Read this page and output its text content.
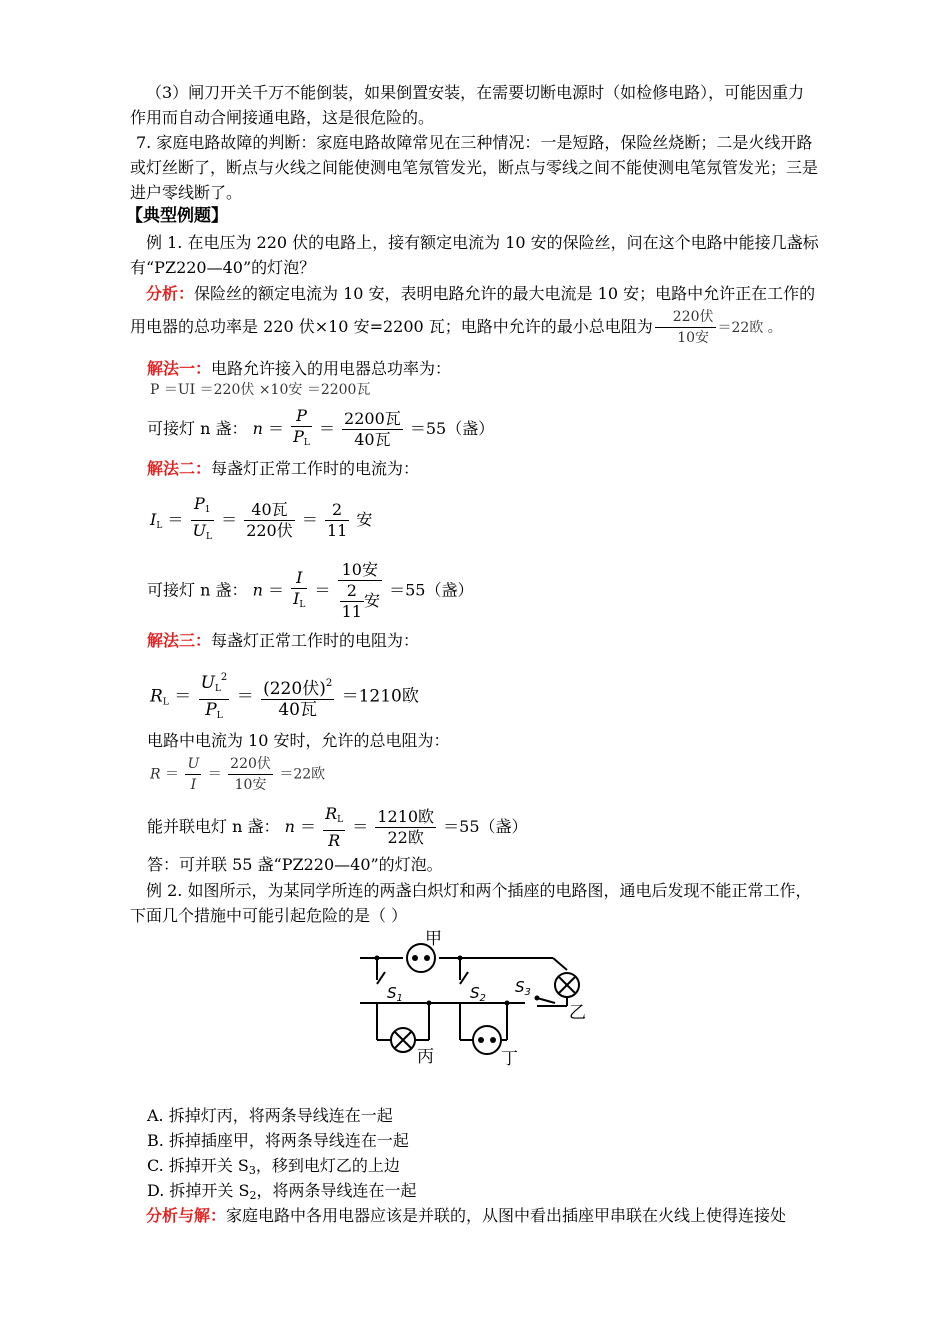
（3）闸刀开关千万不能倒装，如果倒置安装，在需要切断电源时（如检修电路），可能因重力作用而自动合闸接通电路，这是很危险的。

7. 家庭电路故障的判断：家庭电路故障常见在三种情况：一是短路，保险丝烧断；二是火线开路或灯丝断了，断点与火线之间能使测电笔氖管发光，断点与零线之间不能使测电笔氖管发光；三是进户零线断了。

【典型例题】

例 1. 在电压为 220 伏的电路上，接有额定电流为 10 安的保险丝，问在这个电路中能接几盏标有“PZ220—40”的灯泡？

分析：保险丝的额定电流为 10 安，表明电路允许的最大电流是 10 安；电路中允许正在工作的用电器的总功率是 220 伏×10 安=2200 瓦；电路中允许的最小总电阻为 $\frac{\text{220伏}}{\text{10安}} =22$欧 。
解法一：电路允许接入的用电器总功率为：
P ＝UI ＝220伏 ×10安 ＝2200瓦
可接灯 n 盏： $n = \frac{P}{P_L} = \frac{\text{2200瓦}}{\text{40瓦}} =55$（盏）
解法二：每盏灯正常工作时的电流为：
$I_L = \frac{P_1}{U_L} = \frac{\text{40瓦}}{\text{220伏}} = \frac{2}{11}$ 安
可接灯 n 盏： $n = \frac{I}{I_L} = \frac{\text{10安}}{\frac{2}{11} 安} =55$（盏）
解法三：每盏灯正常工作时的电阻为：
$R_L = \frac{U_L^2}{P_L} = \frac{(220伏)^2}{\text{40瓦}} =1210$欧
电路中电流为 10 安时，允许的总电阻为：
$R = \frac{U}{I} = \frac{\text{220伏}}{\text{10安}} =22$欧
能并联电灯 n 盏： $n = \frac{R_L}{R} = \frac{\text{1210欧}}{\text{22欧}} =55$（盏）
答：可并联 55 盏“PZ220—40”的灯泡。

例 2. 如图所示，为某同学所连的两盏白炽灯和两个插座的电路图，通电后发现不能正常工作，下面几个措施中可能引起危险的是（ ）

甲
乙
丙	丁
$S_1$	$S_2$
$S_3$
A. 拆掉灯丙，将两条导线连在一起
B. 拆掉插座甲，将两条导线连在一起
C. 拆掉开关 S3，移到电灯乙的上边
D. 拆掉开关 S2，将两条导线连在一起
分析与解：家庭电路中各用电器应该是并联的，从图中看出插座甲串联在火线上使得连接处
